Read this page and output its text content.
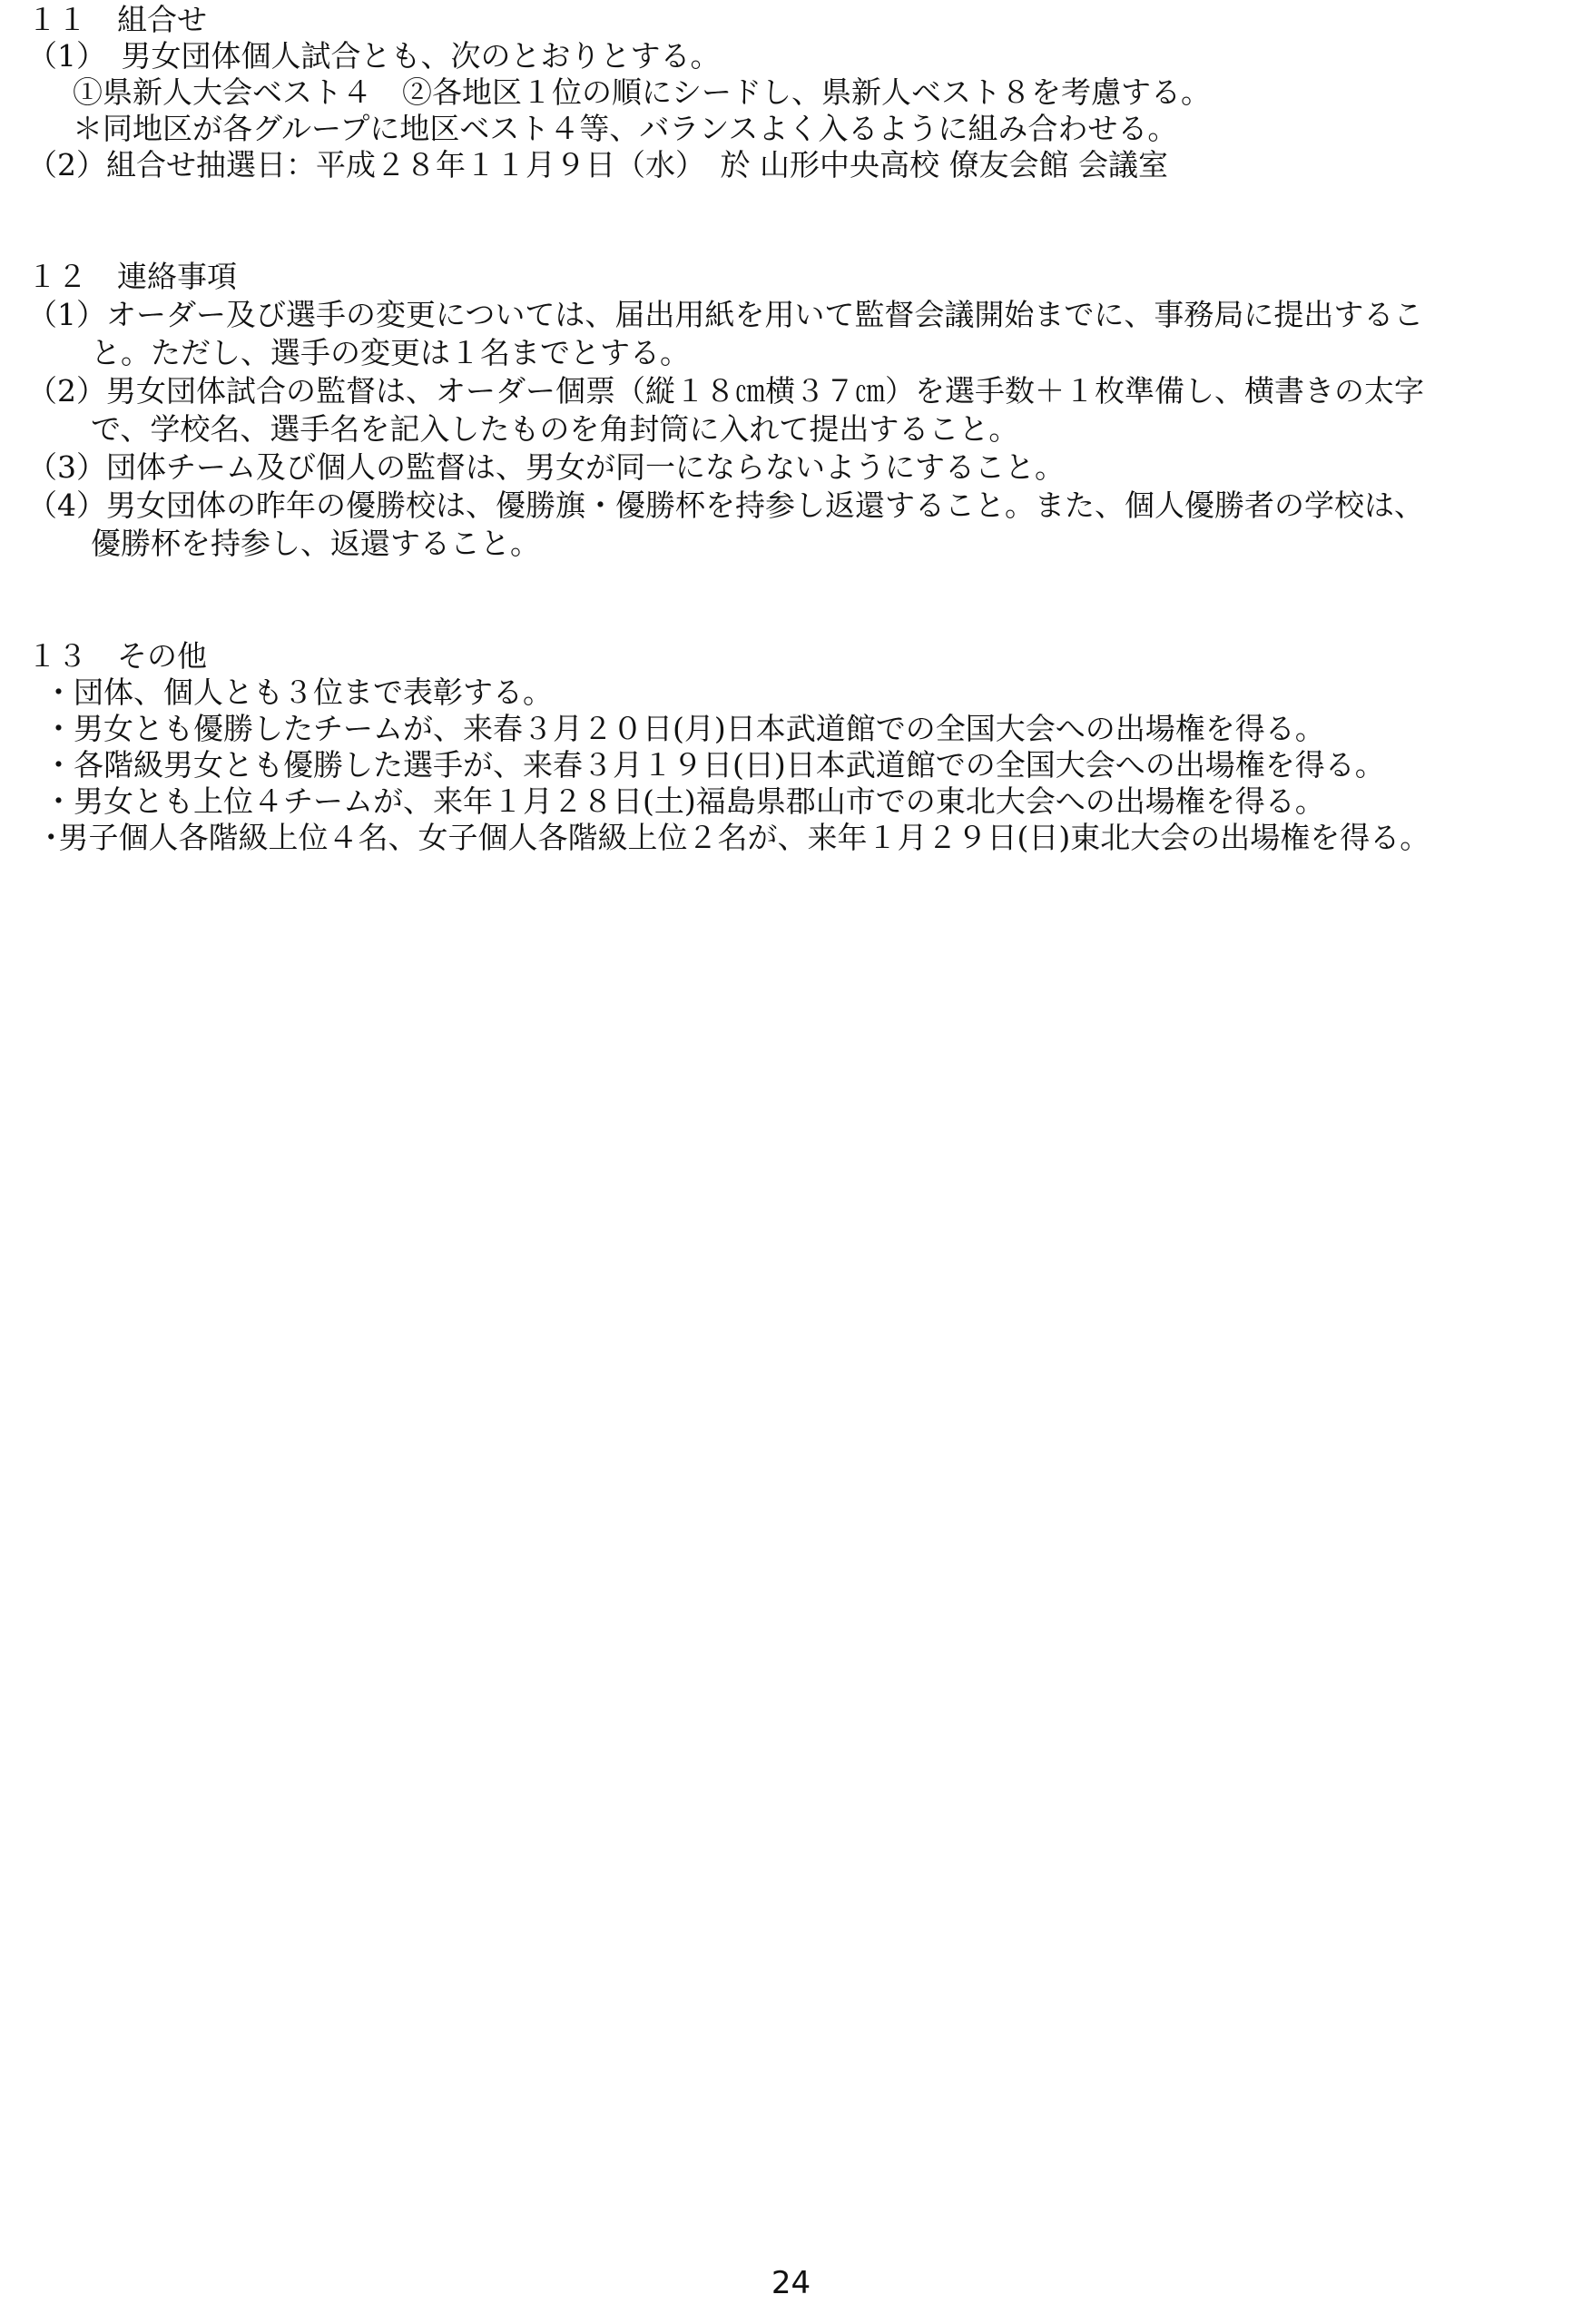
１１　組合せ
（1）　男女団体個人試合とも、次のとおりとする。
①県新人大会ベスト４　②各地区１位の順にシードし、県新人ベスト８を考慮する。
＊同地区が各グループに地区ベスト４等、バランスよく入るように組み合わせる。
（2）組合せ抽選日：平成２８年１１月９日（水）　於 山形中央高校 僚友会館 会議室
１２　連絡事項
（1）オーダー及び選手の変更については、届出用紙を用いて監督会議開始までに、事務局に提出するこ
と。ただし、選手の変更は１名までとする。
（2）男女団体試合の監督は、オーダー個票（縦１８㎝横３７㎝）を選手数＋１枚準備し、横書きの太字
で、学校名、選手名を記入したものを角封筒に入れて提出すること。
（3）団体チーム及び個人の監督は、男女が同一にならないようにすること。
（4）男女団体の昨年の優勝校は、優勝旗・優勝杯を持参し返還すること。また、個人優勝者の学校は、
優勝杯を持参し、返還すること。
１３　その他
・団体、個人とも３位まで表彰する。
・男女とも優勝したチームが、来春３月２０日(月)日本武道館での全国大会への出場権を得る。
・各階級男女とも優勝した選手が、来春３月１９日(日)日本武道館での全国大会への出場権を得る。
・男女とも上位４チームが、来年１月２８日(土)福島県郡山市での東北大会への出場権を得る。
･男子個人各階級上位４名、女子個人各階級上位２名が、来年１月２９日(日)東北大会の出場権を得る。
24
